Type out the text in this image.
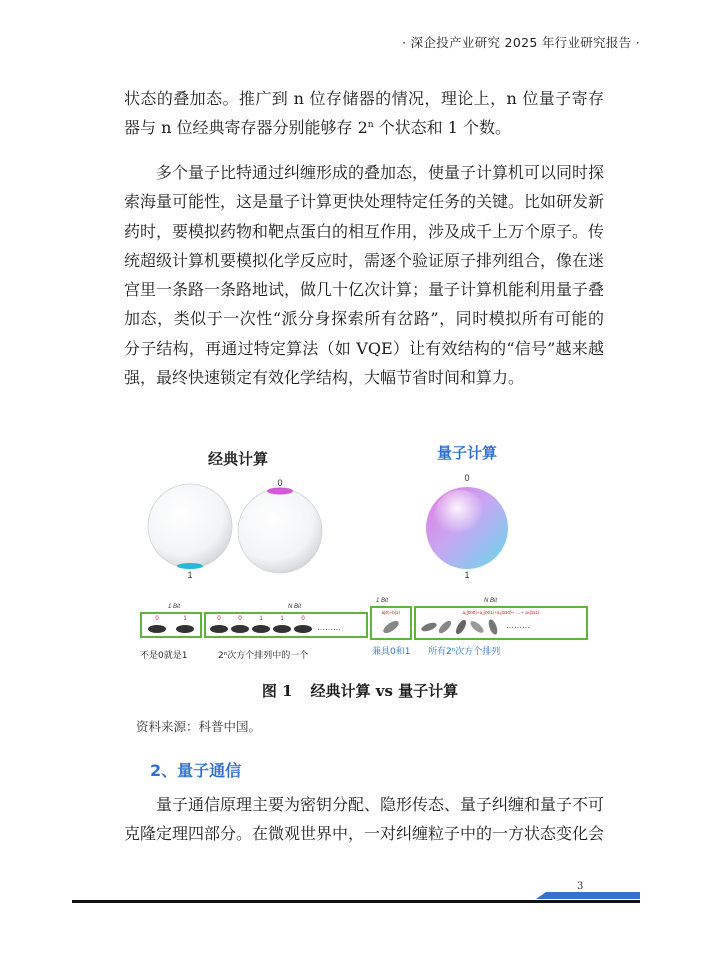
· 深企投产业研究 2025 年行业研究报告 ·
状态的叠加态。推广到 n 位存储器的情况，理论上，n 位量子寄存器与 n 位经典寄存器分别能够存 2$^n$ 个状态和 1 个数。
多个量子比特通过纠缠形成的叠加态，使量子计算机可以同时探索海量可能性，这是量子计算更快处理特定任务的关键。比如研发新药时，要模拟药物和靶点蛋白的相互作用，涉及成千上万个原子。传统超级计算机要模拟化学反应时，需逐个验证原子排列组合，像在迷宫里一条路一条路地试，做几十亿次计算；量子计算机能利用量子叠加态，类似于一次性“派分身探索所有岔路”，同时模拟所有可能的分子结构，再通过特定算法（如 VQE）让有效结构的“信号”越来越强，最终快速锁定有效化学结构，大幅节省时间和算力。
经典计算	量子计算
0
1
0
1
1 Bit	N Bit
0	1	0	0	1	1	0
·········
不是0就是1	2ⁿ次方个排列中的一个
1 Bit	N Bit
a|0⟩+b|1⟩	a₁|000⟩+a₂|001⟩+a₃|010⟩+ … + aₙ|111⟩
·········
兼具0和1 所有2ⁿ次方个排列
图 1 经典计算 vs 量子计算
资料来源：科普中国。
2、量子通信
量子通信原理主要为密钥分配、隐形传态、量子纠缠和量子不可克隆定理四部分。在微观世界中，一对纠缠粒子中的一方状态变化会
3
